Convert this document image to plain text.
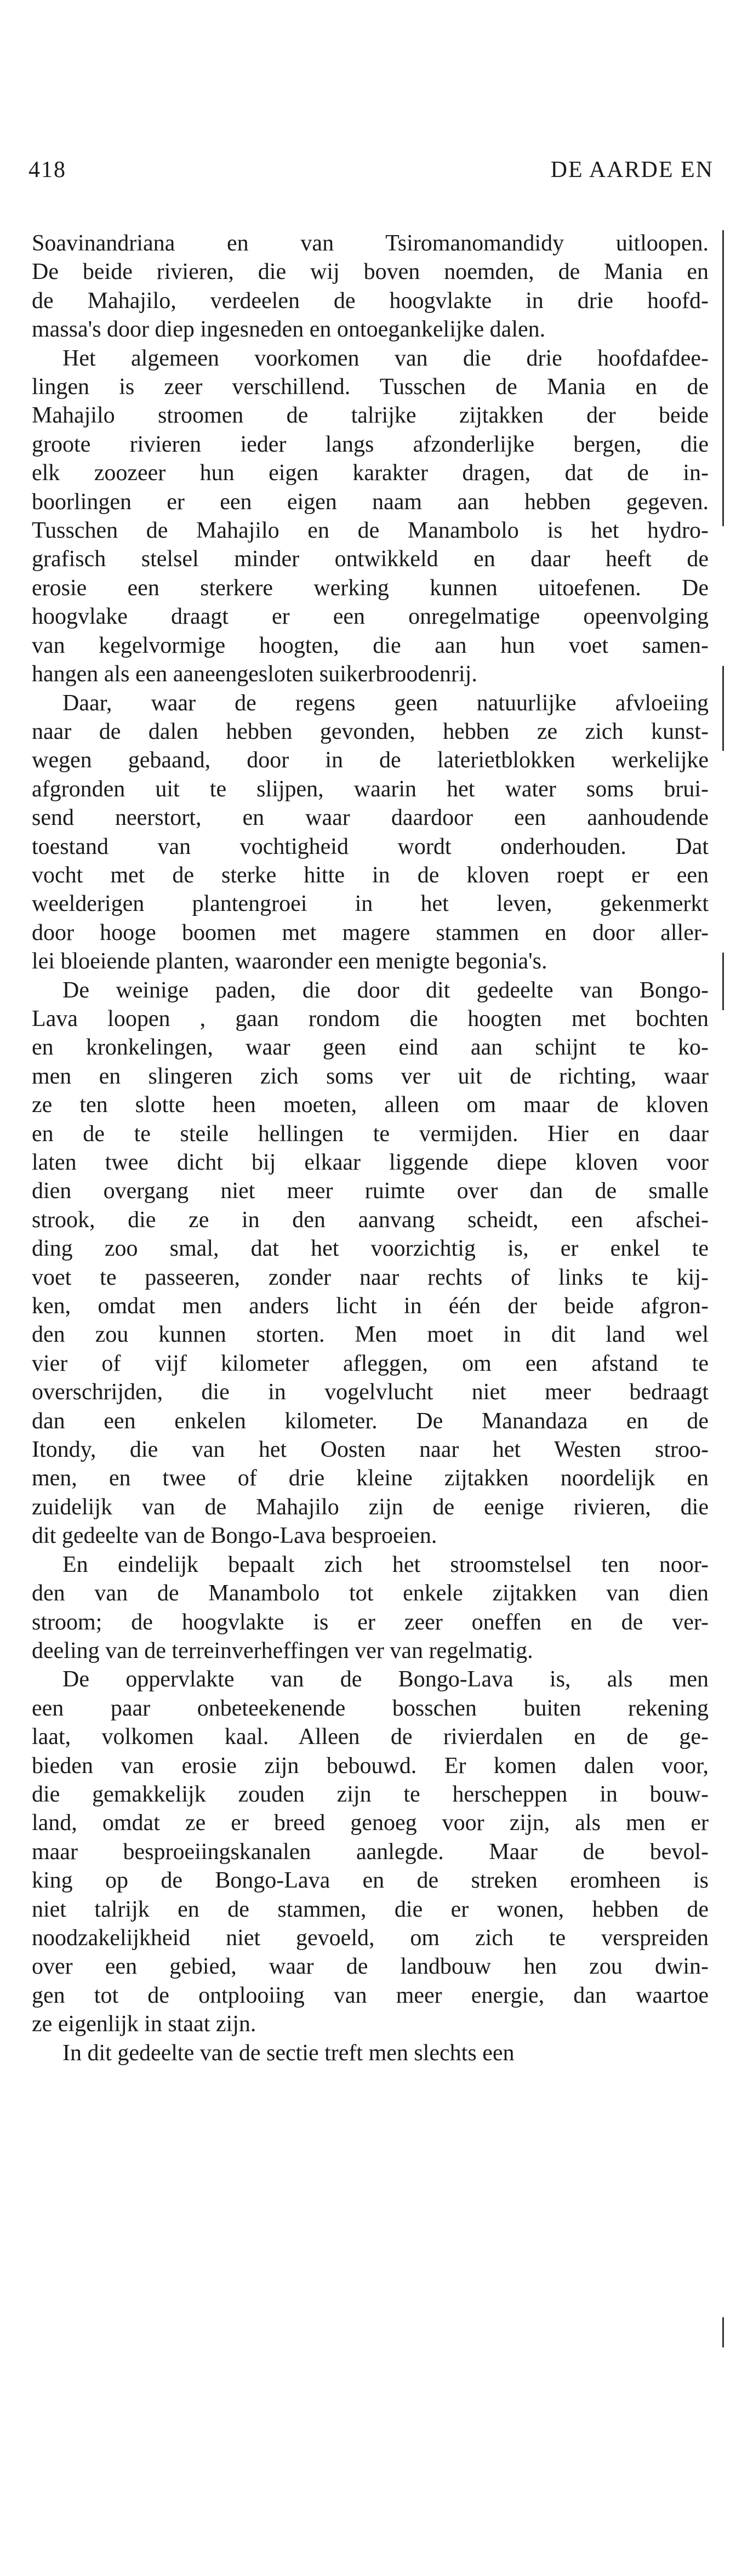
418	DE AARDE EN
Soavinandriana en van Tsiromanomandidy uitloopen.
De beide rivieren, die wij boven noemden, de Mania en
de Mahajilo, verdeelen de hoogvlakte in drie hoofd-
massa's door diep ingesneden en ontoegankelijke dalen.
Het algemeen voorkomen van die drie hoofdafdee-
lingen is zeer verschillend. Tusschen de Mania en de
Mahajilo stroomen de talrijke zijtakken der beide
groote rivieren ieder langs afzonderlijke bergen, die
elk zoozeer hun eigen karakter dragen, dat de in-
boorlingen er een eigen naam aan hebben gegeven.
Tusschen de Mahajilo en de Manambolo is het hydro-
grafisch stelsel minder ontwikkeld en daar heeft de
erosie een sterkere werking kunnen uitoefenen. De
hoogvlake draagt er een onregelmatige opeenvolging
van kegelvormige hoogten, die aan hun voet samen-
hangen als een aaneengesloten suikerbroodenrij.
Daar, waar de regens geen natuurlijke afvloeiing
naar de dalen hebben gevonden, hebben ze zich kunst-
wegen gebaand, door in de laterietblokken werkelijke
afgronden uit te slijpen, waarin het water soms brui-
send neerstort, en waar daardoor een aanhoudende
toestand van vochtigheid wordt onderhouden. Dat
vocht met de sterke hitte in de kloven roept er een
weelderigen plantengroei in het leven, gekenmerkt
door hooge boomen met magere stammen en door aller-
lei bloeiende planten, waaronder een menigte begonia's.
De weinige paden, die door dit gedeelte van Bongo-
Lava loopen , gaan rondom die hoogten met bochten
en kronkelingen, waar geen eind aan schijnt te ko-
men en slingeren zich soms ver uit de richting, waar
ze ten slotte heen moeten, alleen om maar de kloven
en de te steile hellingen te vermijden. Hier en daar
laten twee dicht bij elkaar liggende diepe kloven voor
dien overgang niet meer ruimte over dan de smalle
strook, die ze in den aanvang scheidt, een afschei-
ding zoo smal, dat het voorzichtig is, er enkel te
voet te passeeren, zonder naar rechts of links te kij-
ken, omdat men anders licht in één der beide afgron-
den zou kunnen storten. Men moet in dit land wel
vier of vijf kilometer afleggen, om een afstand te
overschrijden, die in vogelvlucht niet meer bedraagt
dan een enkelen kilometer. De Manandaza en de
Itondy, die van het Oosten naar het Westen stroo-
men, en twee of drie kleine zijtakken noordelijk en
zuidelijk van de Mahajilo zijn de eenige rivieren, die
dit gedeelte van de Bongo-Lava besproeien.
En eindelijk bepaalt zich het stroomstelsel ten noor-
den van de Manambolo tot enkele zijtakken van dien
stroom; de hoogvlakte is er zeer oneffen en de ver-
deeling van de terreinverheffingen ver van regelmatig.
De oppervlakte van de Bongo-Lava is, als men
een paar onbeteekenende bosschen buiten rekening
laat, volkomen kaal. Alleen de rivierdalen en de ge-
bieden van erosie zijn bebouwd. Er komen dalen voor,
die gemakkelijk zouden zijn te herscheppen in bouw-
land, omdat ze er breed genoeg voor zijn, als men er
maar besproeiingskanalen aanlegde. Maar de bevol-
king op de Bongo-Lava en de streken eromheen is
niet talrijk en de stammen, die er wonen, hebben de
noodzakelijkheid niet gevoeld, om zich te verspreiden
over een gebied, waar de landbouw hen zou dwin-
gen tot de ontplooiing van meer energie, dan waartoe
ze eigenlijk in staat zijn.
In dit gedeelte van de sectie treft men slechts een
